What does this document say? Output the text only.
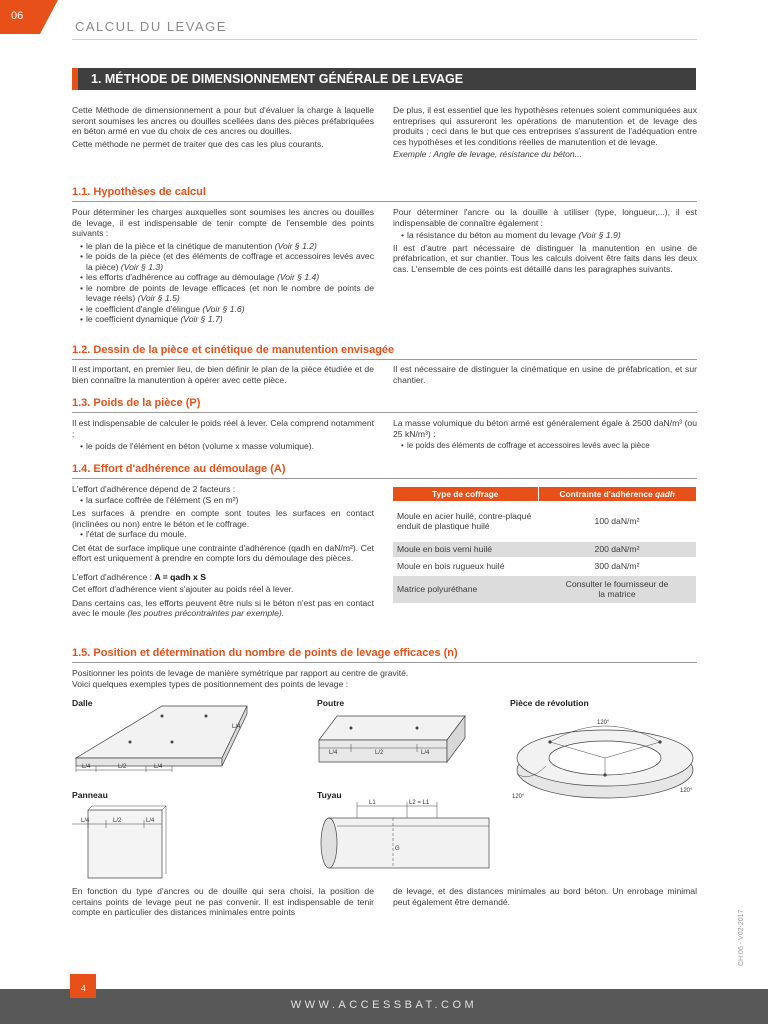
06
CALCUL DU LEVAGE
1. MÉTHODE DE DIMENSIONNEMENT GÉNÉRALE DE LEVAGE

Cette Méthode de dimensionnement a pour but d'évaluer la charge à laquelle seront soumises les ancres ou douilles scellées dans des pièces préfabriquées en béton armé en vue du choix de ces ancres ou douilles.

Cette méthode ne permet de traiter que des cas les plus courants.

De plus, il est essentiel que les hypothèses retenues soient communiquées aux entreprises qui assureront les opérations de manutention et de levage des produits ; ceci dans le but que ces entreprises s'assurent de l'adéquation entre ces hypothèses et les conditions réelles de manutention et de levage.

Exemple : Angle de levage, résistance du béton...

1.1. Hypothèses de calcul

Pour déterminer les charges auxquelles sont soumises les ancres ou douilles de levage, il est indispensable de tenir compte de l'ensemble des points suivants :

• le plan de la pièce et la cinétique de manutention (Voir § 1.2)
• le poids de la pièce (et des éléments de coffrage et accessoires levés avec la pièce) (Voir § 1.3)
• les efforts d'adhérence au coffrage au démoulage (Voir § 1.4)
• le nombre de points de levage efficaces (et non le nombre de points de levage réels) (Voir § 1.5)
• le coefficient d'angle d'élingue (Voir § 1.6)
• le coefficient dynamique (Voir § 1.7)

Pour déterminer l'ancre ou la douille à utiliser (type, longueur,...), il est indispensable de connaître également :

• la résistance du béton au moment du levage (Voir § 1.9)

Il est d'autre part nécessaire de distinguer la manutention en usine de préfabrication, et sur chantier. Tous les calculs doivent être faits dans les deux cas. L'ensemble de ces points est détaillé dans les paragraphes suivants.

1.2. Dessin de la pièce et cinétique de manutention envisagée

Il est important, en premier lieu, de bien définir le plan de la pièce étudiée et de bien connaître la manutention à opérer avec cette pièce.

Il est nécessaire de distinguer la cinématique en usine de préfabrication, et sur chantier.

1.3. Poids de la pièce (P)

Il est indispensable de calculer le poids réel à lever. Cela comprend notamment :

• le poids de l'élément en béton (volume x masse volumique).

La masse volumique du béton armé est généralement égale à 2500 daN/m³ (ou 25 kN/m³) :

• le poids des éléments de coffrage et accessoires levés avec la pièce
1.4. Effort d'adhérence au démoulage (A)

L'effort d'adhérence dépend de 2 facteurs :

• la surface coffrée de l'élément (S en m²)

Les surfaces à prendre en compte sont toutes les surfaces en contact (inclinées ou non) entre le béton et le coffrage.

• l'état de surface du moule.

Cet état de surface implique une contrainte d'adhérence (qadh en daN/m²). Cet effort est uniquement à prendre en compte lors du démoulage des pièces.

L'effort d'adhérence : A = qadh x S

Cet effort d'adhérence vient s'ajouter au poids réel à lever.

Dans certains cas, les efforts peuvent être nuls si le béton n'est pas en contact avec le moule (les poutres précontraintes par exemple).

Type de coffrage	Contrainte d'adhérence qadh
Moule en acier huilé, contre-plaqué enduit de plastique huilé	100 daN/m²
Moule en bois verni huilé	200 daN/m²
Moule en bois rugueux huilé	300 daN/m²
Matrice polyuréthane	Consulter le fournisseur de la matrice
1.5. Position et détermination du nombre de points de levage efficaces (n)

Positionner les points de levage de manière symétrique par rapport au centre de gravité.

Voici quelques exemples types de positionnement des points de levage :

Dalle	Poutre	Pièce de révolution
Panneau	Tuyau
L/4	L/2	L/4
L/4
L/4	L/2	L/4
120°
120°
120°
L/4	L/2	L/4
L1	L2 = L1
G

En fonction du type d'ancres ou de douille qui sera choisi, la position de certains points de levage peut ne pas convenir. Il est indispensable de tenir compte en particulier des distances minimales entre points

de levage, et des distances minimales au bord béton. Un enrobage minimal peut également être demandé.

CH.06 - V02-2017
4
WWW.ACCESSBAT.COM
